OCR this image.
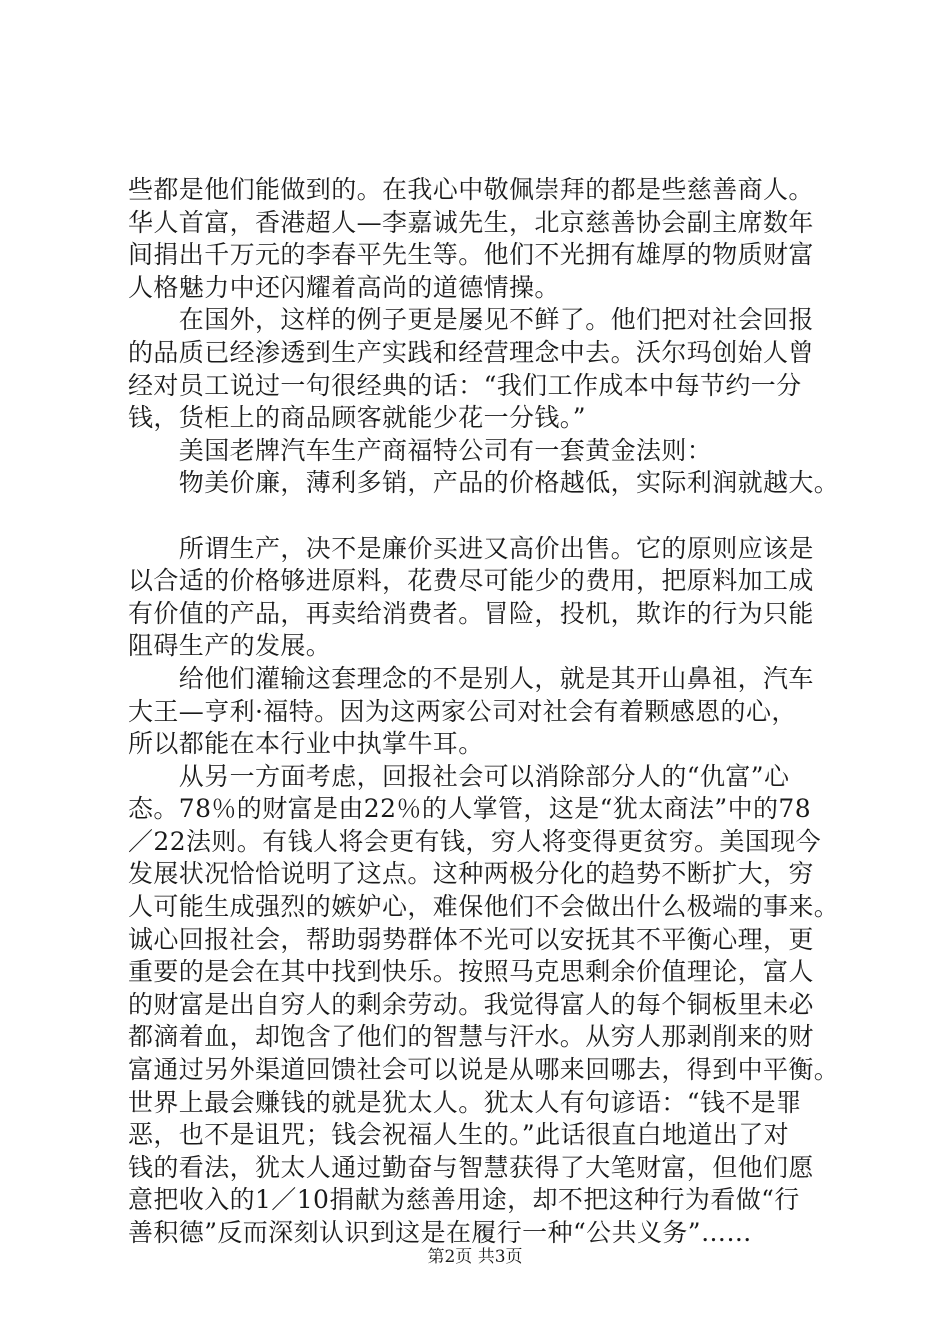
些都是他们能做到的。在我心中敬佩崇拜的都是些慈善商人。
华人首富，香港超人—李嘉诚先生，北京慈善协会副主席数年
间捐出千万元的李春平先生等。他们不光拥有雄厚的物质财富
人格魅力中还闪耀着高尚的道德情操。

　　在国外，这样的例子更是屡见不鲜了。他们把对社会回报
的品质已经渗透到生产实践和经营理念中去。沃尔玛创始人曾
经对员工说过一句很经典的话：“我们工作成本中每节约一分
钱，货柜上的商品顾客就能少花一分钱。”

　　美国老牌汽车生产商福特公司有一套黄金法则：

　　物美价廉，薄利多销，产品的价格越低，实际利润就越大。

　　所谓生产，决不是廉价买进又高价出售。它的原则应该是
以合适的价格够进原料，花费尽可能少的费用，把原料加工成
有价值的产品，再卖给消费者。冒险，投机，欺诈的行为只能
阻碍生产的发展。

　　给他们灌输这套理念的不是别人，就是其开山鼻祖，汽车
大王—亨利·福特。因为这两家公司对社会有着颗感恩的心，
所以都能在本行业中执掌牛耳。

　　从另一方面考虑，回报社会可以消除部分人的“仇富”心
态。78％的财富是由22％的人掌管，这是“犹太商法”中的78
／22法则。有钱人将会更有钱，穷人将变得更贫穷。美国现今
发展状况恰恰说明了这点。这种两极分化的趋势不断扩大，穷
人可能生成强烈的嫉妒心，难保他们不会做出什么极端的事来。
诚心回报社会，帮助弱势群体不光可以安抚其不平衡心理，更
重要的是会在其中找到快乐。按照马克思剩余价值理论，富人
的财富是出自穷人的剩余劳动。我觉得富人的每个铜板里未必
都滴着血，却饱含了他们的智慧与汗水。从穷人那剥削来的财
富通过另外渠道回馈社会可以说是从哪来回哪去，得到中平衡。
世界上最会赚钱的就是犹太人。犹太人有句谚语：“钱不是罪
恶，也不是诅咒；钱会祝福人生的。”此话很直白地道出了对
钱的看法，犹太人通过勤奋与智慧获得了大笔财富，但他们愿
意把收入的1／10捐献为慈善用途，却不把这种行为看做“行
善积德”反而深刻认识到这是在履行一种“公共义务”……

第2页 共3页
